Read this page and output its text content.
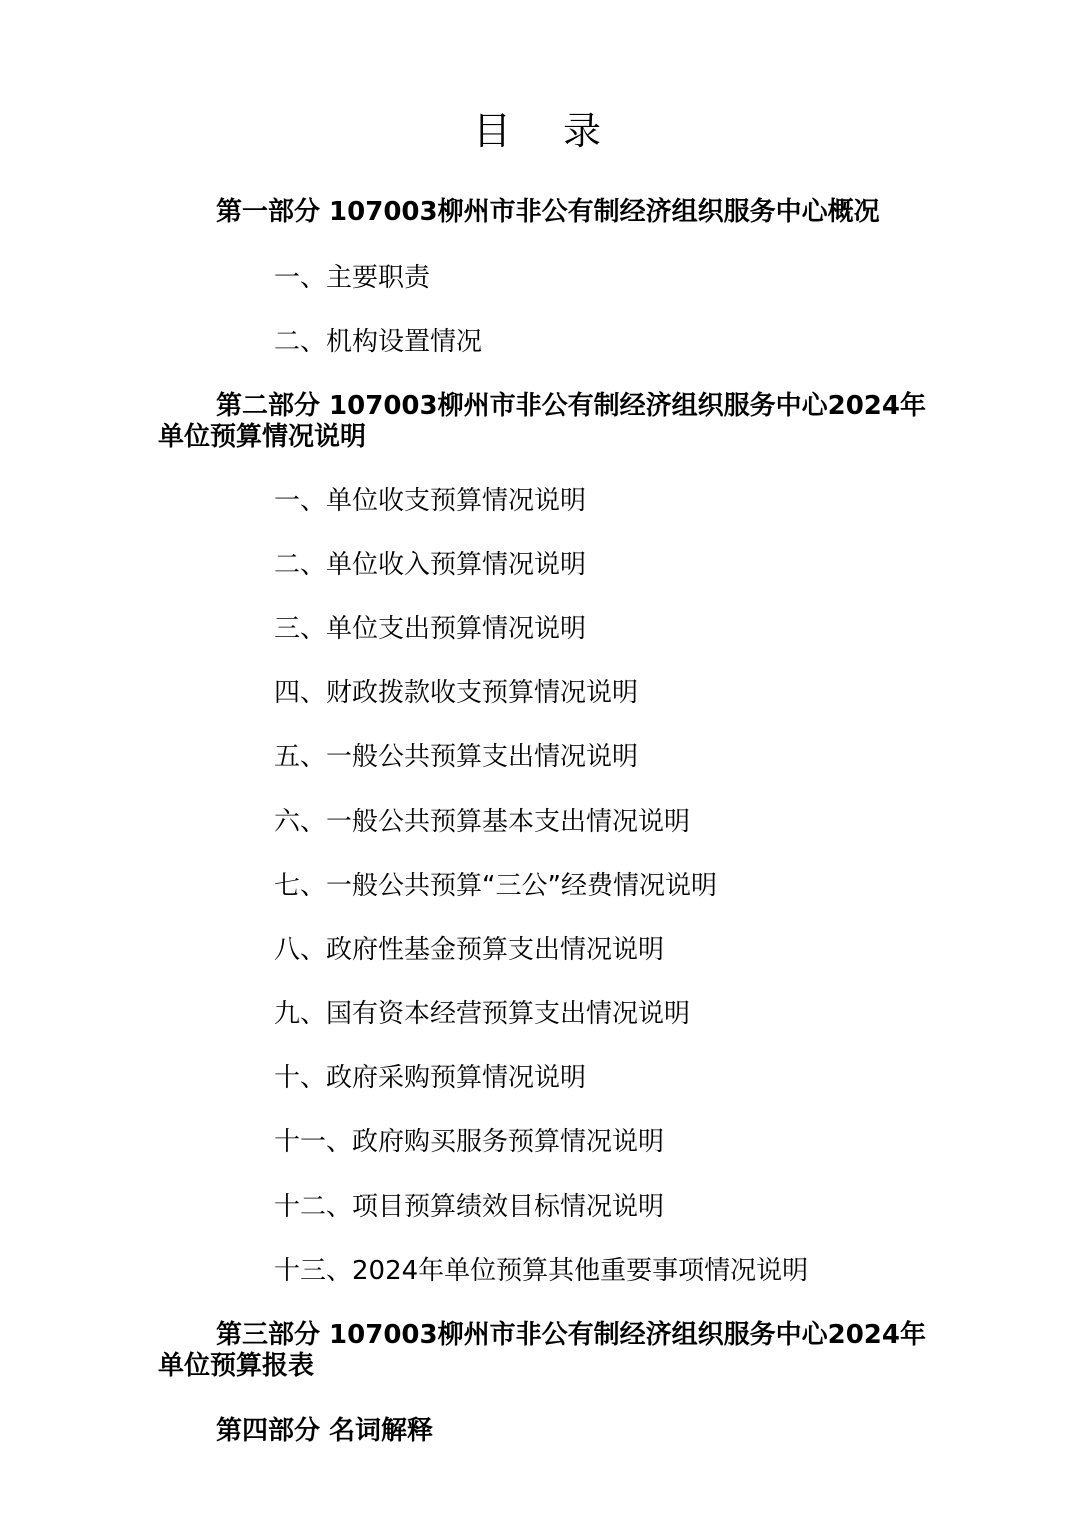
目 录
第一部分 107003柳州市非公有制经济组织服务中心概况
一、主要职责
二、机构设置情况
第二部分 107003柳州市非公有制经济组织服务中心2024年单位预算情况说明
一、单位收支预算情况说明
二、单位收入预算情况说明
三、单位支出预算情况说明
四、财政拨款收支预算情况说明
五、一般公共预算支出情况说明
六、一般公共预算基本支出情况说明
七、一般公共预算“三公”经费情况说明
八、政府性基金预算支出情况说明
九、国有资本经营预算支出情况说明
十、政府采购预算情况说明
十一、政府购买服务预算情况说明
十二、项目预算绩效目标情况说明
十三、2024年单位预算其他重要事项情况说明
第三部分 107003柳州市非公有制经济组织服务中心2024年单位预算报表
第四部分 名词解释
